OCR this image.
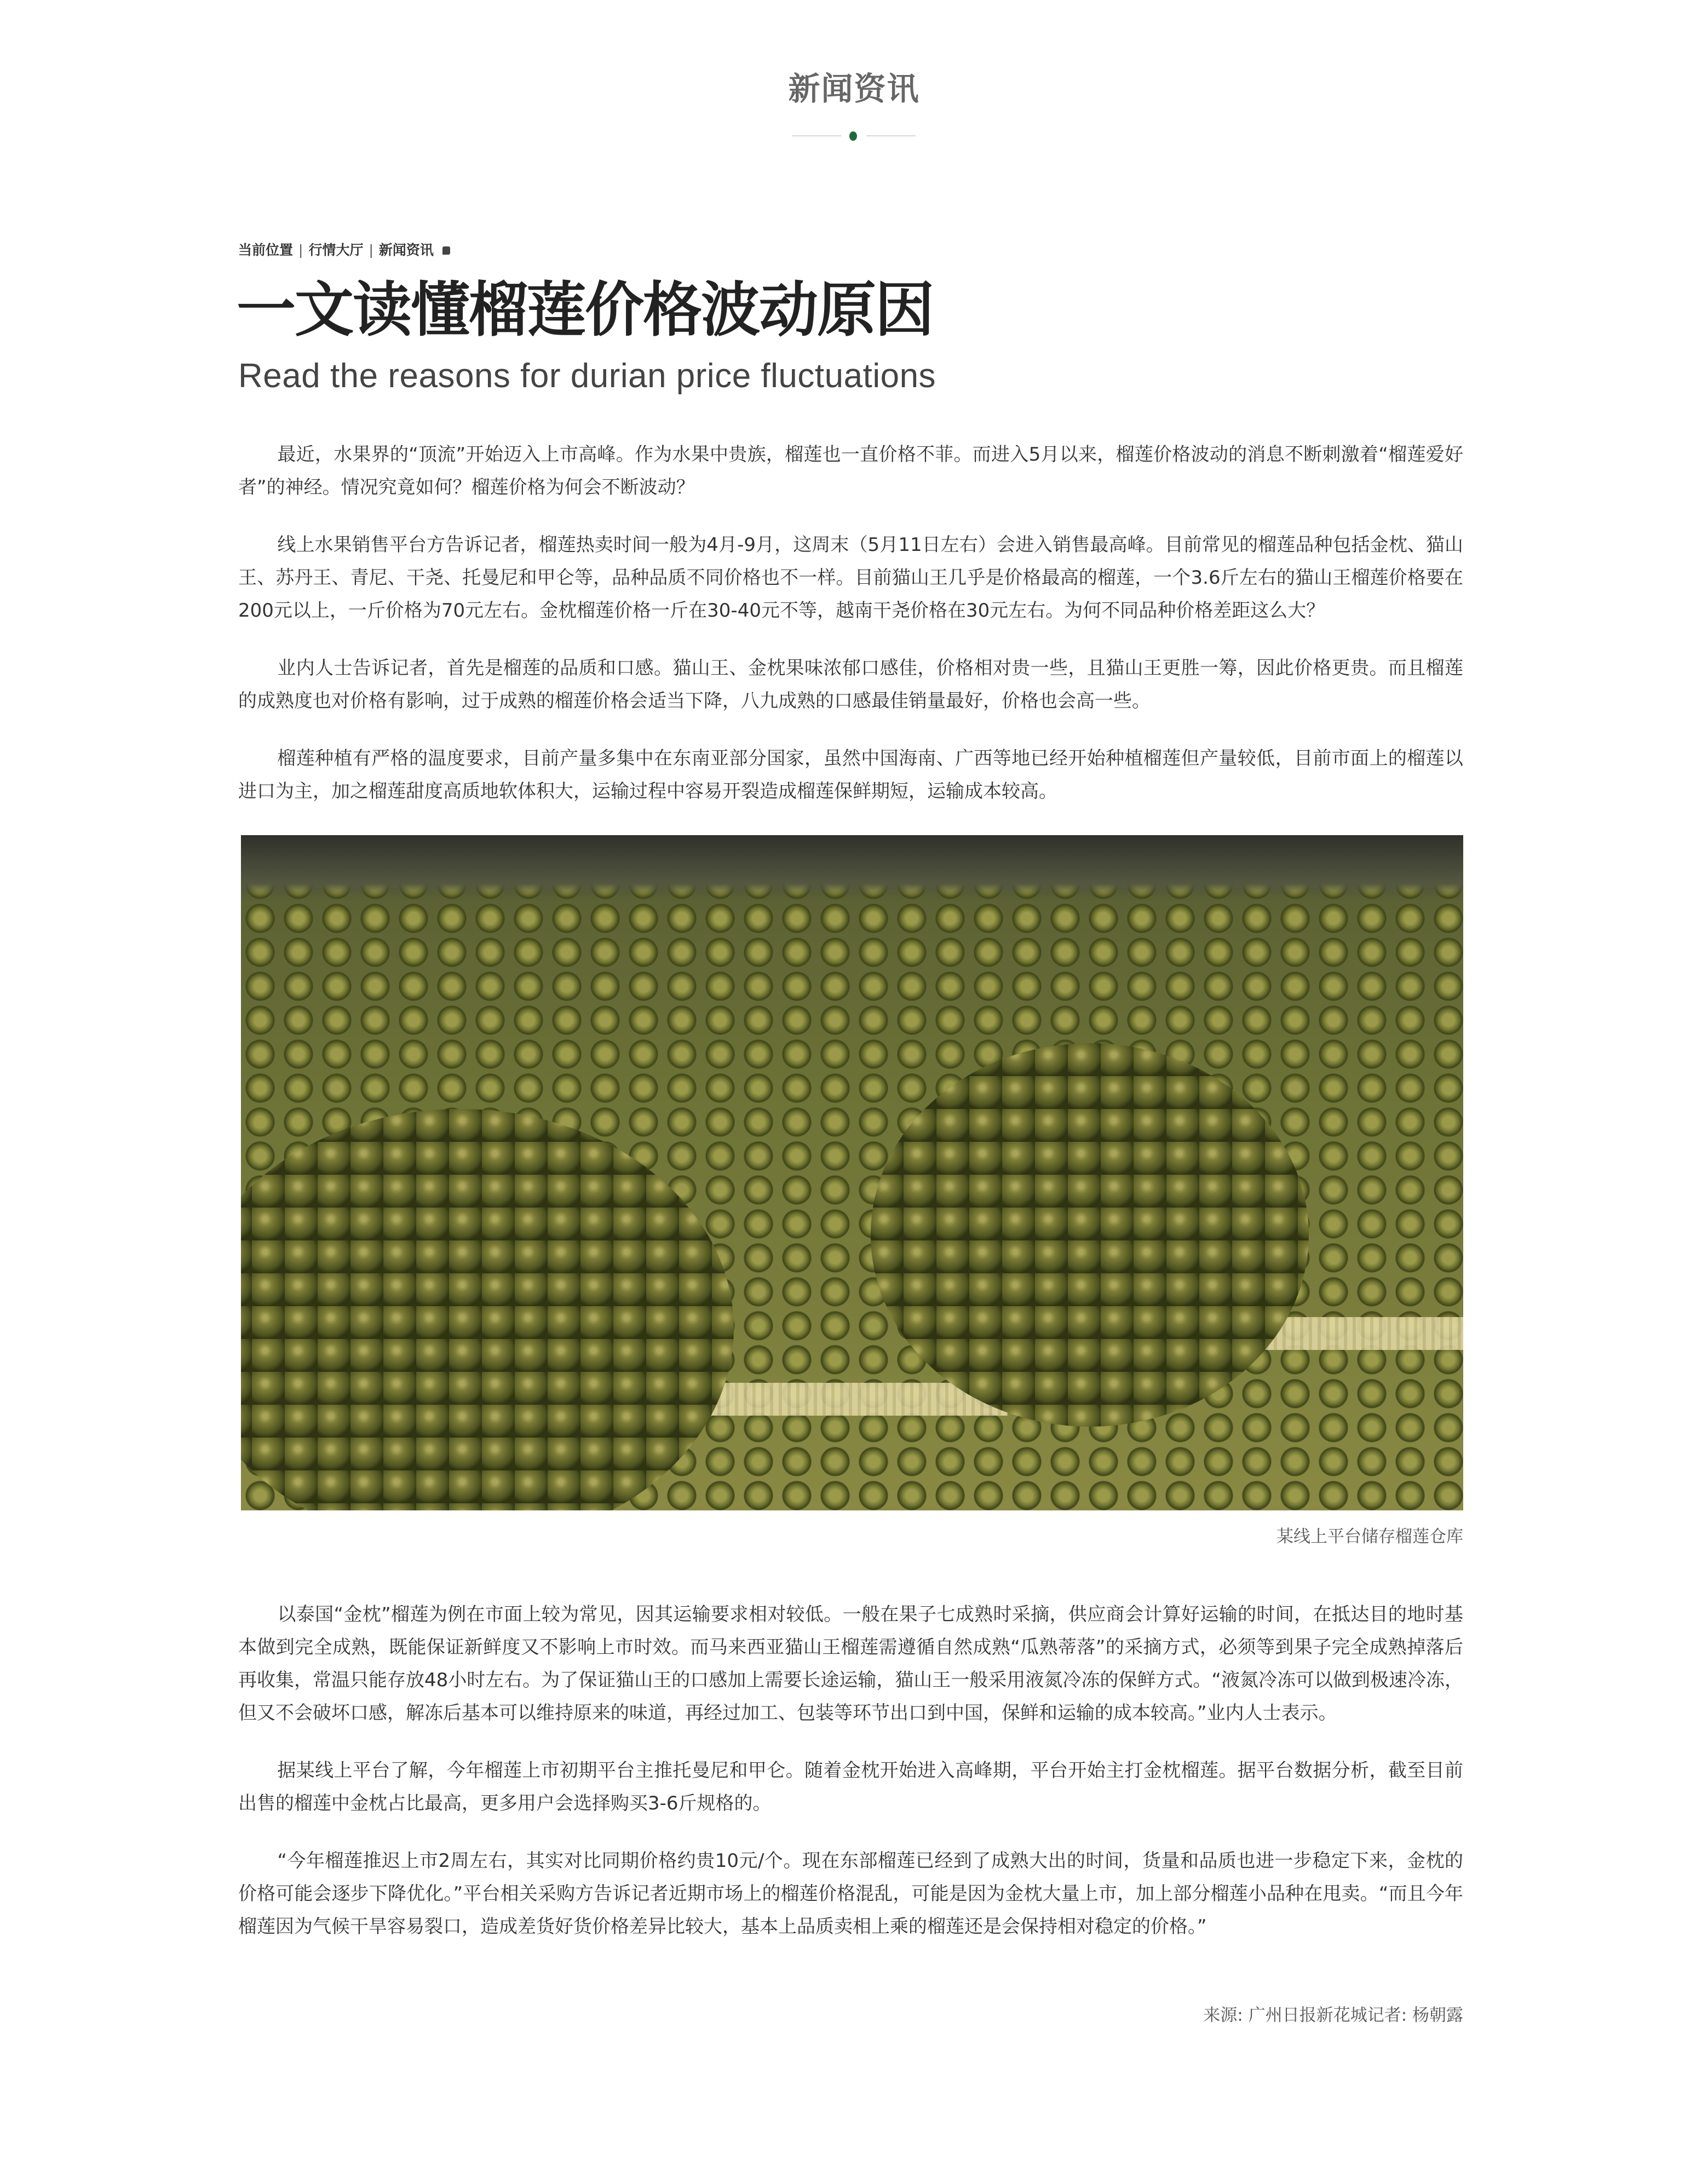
新闻资讯
当前位置 | 行情大厅 | 新闻资讯
一文读懂榴莲价格波动原因
Read the reasons for durian price fluctuations

最近，水果界的“顶流”开始迈入上市高峰。作为水果中贵族，榴莲也一直价格不菲。而进入5月以来，榴莲价格波动的消息不断刺激着“榴莲爱好者”的神经。情况究竟如何？榴莲价格为何会不断波动？

线上水果销售平台方告诉记者，榴莲热卖时间一般为4月-9月，这周末（5月11日左右）会进入销售最高峰。目前常见的榴莲品种包括金枕、猫山王、苏丹王、青尼、干尧、托曼尼和甲仑等，品种品质不同价格也不一样。目前猫山王几乎是价格最高的榴莲，一个3.6斤左右的猫山王榴莲价格要在200元以上，一斤价格为70元左右。金枕榴莲价格一斤在30-40元不等，越南干尧价格在30元左右。为何不同品种价格差距这么大？

业内人士告诉记者，首先是榴莲的品质和口感。猫山王、金枕果味浓郁口感佳，价格相对贵一些，且猫山王更胜一筹，因此价格更贵。而且榴莲的成熟度也对价格有影响，过于成熟的榴莲价格会适当下降，八九成熟的口感最佳销量最好，价格也会高一些。

榴莲种植有严格的温度要求，目前产量多集中在东南亚部分国家，虽然中国海南、广西等地已经开始种植榴莲但产量较低，目前市面上的榴莲以进口为主，加之榴莲甜度高质地软体积大，运输过程中容易开裂造成榴莲保鲜期短，运输成本较高。

某线上平台储存榴莲仓库

以泰国“金枕”榴莲为例在市面上较为常见，因其运输要求相对较低。一般在果子七成熟时采摘，供应商会计算好运输的时间，在抵达目的地时基本做到完全成熟，既能保证新鲜度又不影响上市时效。而马来西亚猫山王榴莲需遵循自然成熟“瓜熟蒂落”的采摘方式，必须等到果子完全成熟掉落后再收集，常温只能存放48小时左右。为了保证猫山王的口感加上需要长途运输，猫山王一般采用液氮冷冻的保鲜方式。“液氮冷冻可以做到极速冷冻，但又不会破坏口感，解冻后基本可以维持原来的味道，再经过加工、包装等环节出口到中国，保鲜和运输的成本较高。”业内人士表示。

据某线上平台了解，今年榴莲上市初期平台主推托曼尼和甲仑。随着金枕开始进入高峰期，平台开始主打金枕榴莲。据平台数据分析，截至目前出售的榴莲中金枕占比最高，更多用户会选择购买3-6斤规格的。

“今年榴莲推迟上市2周左右，其实对比同期价格约贵10元/个。现在东部榴莲已经到了成熟大出的时间，货量和品质也进一步稳定下来，金枕的价格可能会逐步下降优化。”平台相关采购方告诉记者近期市场上的榴莲价格混乱，可能是因为金枕大量上市，加上部分榴莲小品种在甩卖。“而且今年榴莲因为气候干旱容易裂口，造成差货好货价格差异比较大，基本上品质卖相上乘的榴莲还是会保持相对稳定的价格。”

来源: 广州日报新花城记者: 杨朝露
